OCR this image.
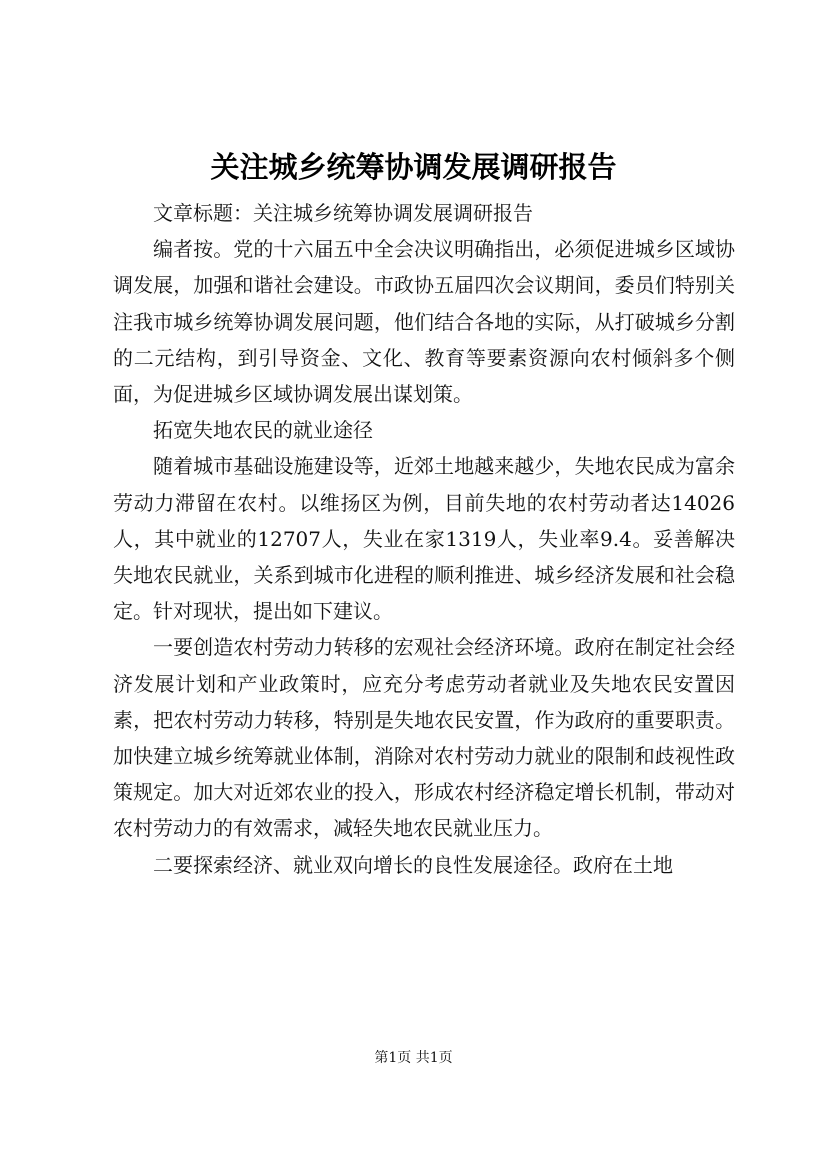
关注城乡统筹协调发展调研报告

文章标题：关注城乡统筹协调发展调研报告

编者按。党的十六届五中全会决议明确指出，必须促进城乡区域协调发展，加强和谐社会建设。市政协五届四次会议期间，委员们特别关注我市城乡统筹协调发展问题，他们结合各地的实际，从打破城乡分割的二元结构，到引导资金、文化、教育等要素资源向农村倾斜多个侧面，为促进城乡区域协调发展出谋划策。

拓宽失地农民的就业途径

随着城市基础设施建设等，近郊土地越来越少，失地农民成为富余劳动力滞留在农村。以维扬区为例，目前失地的农村劳动者达14026人，其中就业的12707人，失业在家1319人，失业率9.4。妥善解决失地农民就业，关系到城市化进程的顺利推进、城乡经济发展和社会稳定。针对现状，提出如下建议。

一要创造农村劳动力转移的宏观社会经济环境。政府在制定社会经济发展计划和产业政策时，应充分考虑劳动者就业及失地农民安置因素，把农村劳动力转移，特别是失地农民安置，作为政府的重要职责。加快建立城乡统筹就业体制，消除对农村劳动力就业的限制和歧视性政策规定。加大对近郊农业的投入，形成农村经济稳定增长机制，带动对农村劳动力的有效需求，减轻失地农民就业压力。

二要探索经济、就业双向增长的良性发展途径。政府在土地

第1页 共1页
